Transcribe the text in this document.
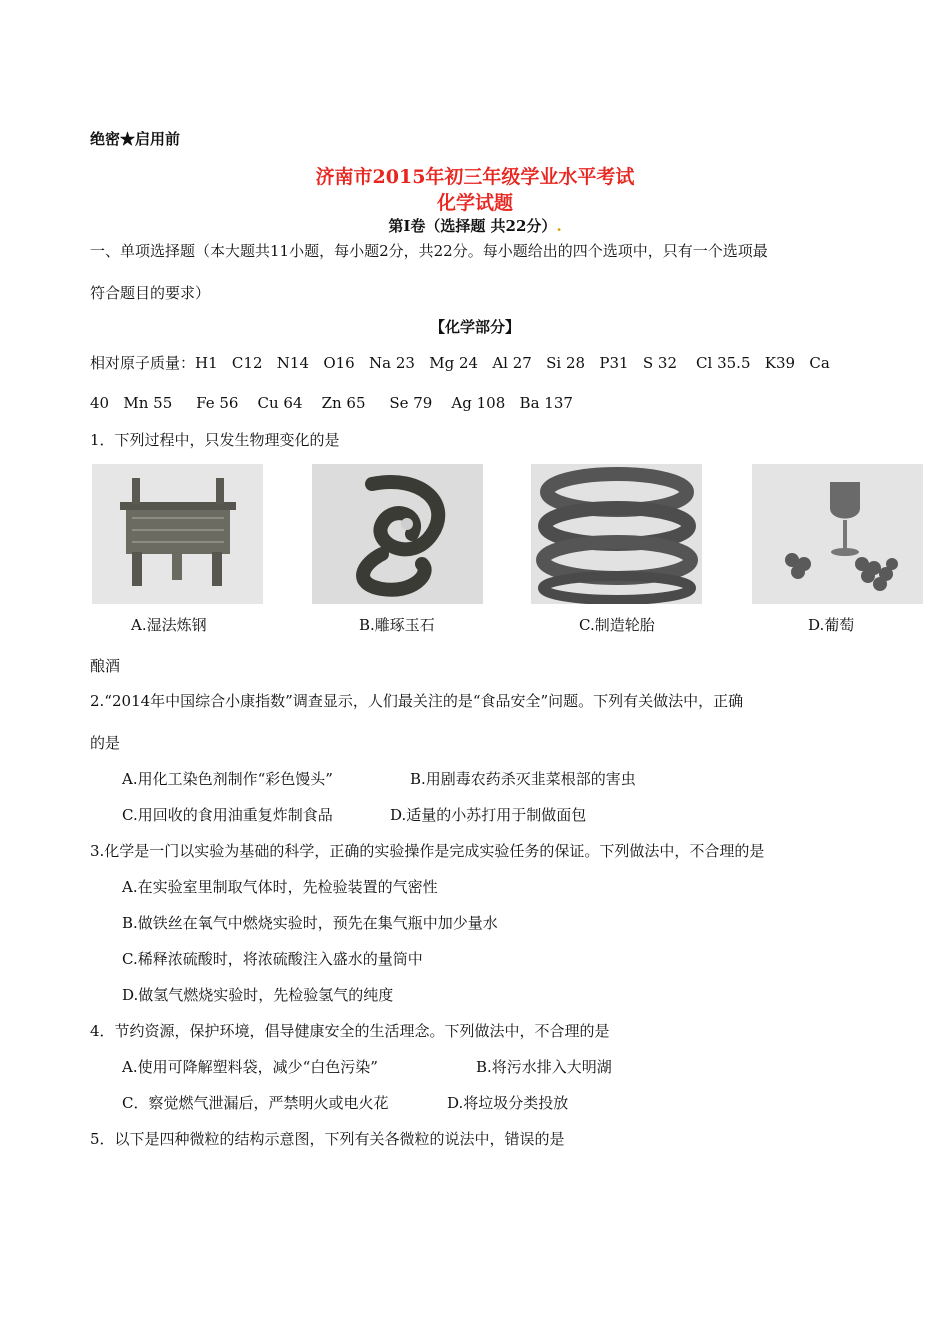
绝密★启用前
济南市2015年初三年级学业水平考试
化学试题
第Ⅰ卷（选择题 共22分）.
一、单项选择题（本大题共11小题，每小题2分，共22分。每小题给出的四个选项中，只有一个选项最
符合题目的要求）
【化学部分】
相对原子质量：H1   C12   N14   O16   Na 23   Mg 24   Al 27   Si 28   P31   S 32    Cl 35.5   K39   Ca
40   Mn 55     Fe 56    Cu 64    Zn 65     Se 79    Ag 108   Ba 137
1．下列过程中，只发生物理变化的是
A.湿法炼钢	B.雕琢玉石	C.制造轮胎	D.葡萄
酿酒
2.“2014年中国综合小康指数”调查显示，人们最关注的是“食品安全”问题。下列有关做法中，正确
的是
A.用化工染色剂制作“彩色馒头”	B.用剧毒农药杀灭韭菜根部的害虫
C.用回收的食用油重复炸制食品	D.适量的小苏打用于制做面包
3.化学是一门以实验为基础的科学，正确的实验操作是完成实验任务的保证。下列做法中，不合理的是
A.在实验室里制取气体时，先检验装置的气密性
B.做铁丝在氧气中燃烧实验时，预先在集气瓶中加少量水
C.稀释浓硫酸时，将浓硫酸注入盛水的量筒中
D.做氢气燃烧实验时，先检验氢气的纯度
4．节约资源，保护环境，倡导健康安全的生活理念。下列做法中，不合理的是
A.使用可降解塑料袋，减少“白色污染”	B.将污水排入大明湖
C．察觉燃气泄漏后，严禁明火或电火花	D.将垃圾分类投放
5．以下是四种微粒的结构示意图，下列有关各微粒的说法中，错误的是
